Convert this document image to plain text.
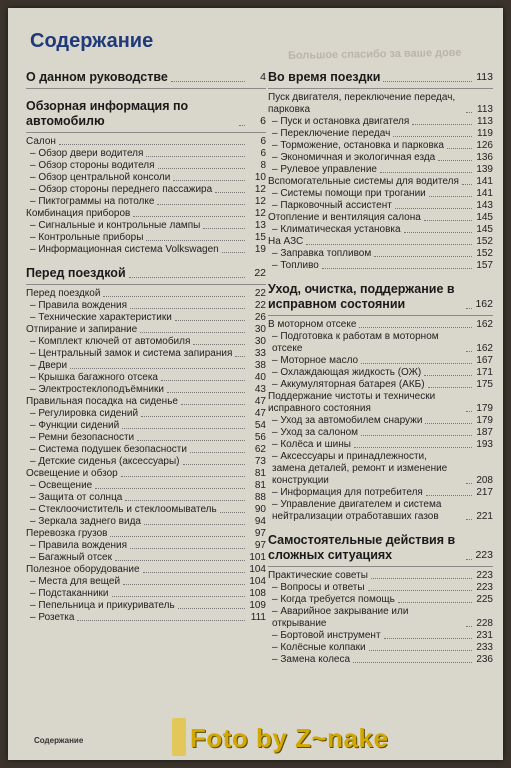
Большое спасибо за ваше дове
Содержание
О данном руководстве	4
Обзорная информация по автомобилю	6
Салон	6
– Обзор двери водителя	6
– Обзор стороны водителя	8
– Обзор центральной консоли	10
– Обзор стороны переднего пассажира	12
– Пиктограммы на потолке	12
Комбинация приборов	12
– Сигнальные и контрольные лампы	13
– Контрольные приборы	15
– Информационная система Volkswagen	19
Перед поездкой	22
Перед поездкой	22
– Правила вождения	22
– Технические характеристики	26
Отпирание и запирание	30
– Комплект ключей от автомобиля	30
– Центральный замок и система запирания	33
– Двери	38
– Крышка багажного отсека	40
– Электростеклоподъёмники	43
Правильная посадка на сиденье	47
– Регулировка сидений	47
– Функции сидений	54
– Ремни безопасности	56
– Система подушек безопасности	62
– Детские сиденья (аксессуары)	73
Освещение и обзор	81
– Освещение	81
– Защита от солнца	88
– Стеклоочиститель и стеклоомыватель	90
– Зеркала заднего вида	94
Перевозка грузов	97
– Правила вождения	97
– Багажный отсек	101
Полезное оборудование	104
– Места для вещей	104
– Подстаканники	108
– Пепельница и прикуриватель	109
– Розетка	111
Во время поездки	113
Пуск двигателя, переключение передач, парковка	113
– Пуск и остановка двигателя	113
– Переключение передач	119
– Торможение, остановка и парковка	126
– Экономичная и экологичная езда	136
– Рулевое управление	139
Вспомогательные системы для водителя 141
– Системы помощи при трогании	141
– Парковочный ассистент	143
Отопление и вентиляция салона	145
– Климатическая установка	145
На АЗС	152
– Заправка топливом	152
– Топливо	157
Уход, очистка, поддержание в исправном состоянии	162
В моторном отсеке	162
– Подготовка к работам в моторном отсеке	162
– Моторное масло	167
– Охлаждающая жидкость (ОЖ)	171
– Аккумуляторная батарея (АКБ)	175
Поддержание чистоты и технически исправного состояния	179
– Уход за автомобилем снаружи	179
– Уход за салоном	187
– Колёса и шины	193
– Аксессуары и принадлежности, замена деталей, ремонт и изменение конструкции	208
– Информация для потребителя	217
– Управление двигателем и система нейтрализации отработавших газов	221
Самостоятельные действия в сложных ситуациях	223
Практические советы	223
– Вопросы и ответы	223
– Когда требуется помощь	225
– Аварийное закрывание или открывание	228
– Бортовой инструмент	231
– Колёсные колпаки	233
– Замена колеса	236
Содержание	Foto by Z~nake
